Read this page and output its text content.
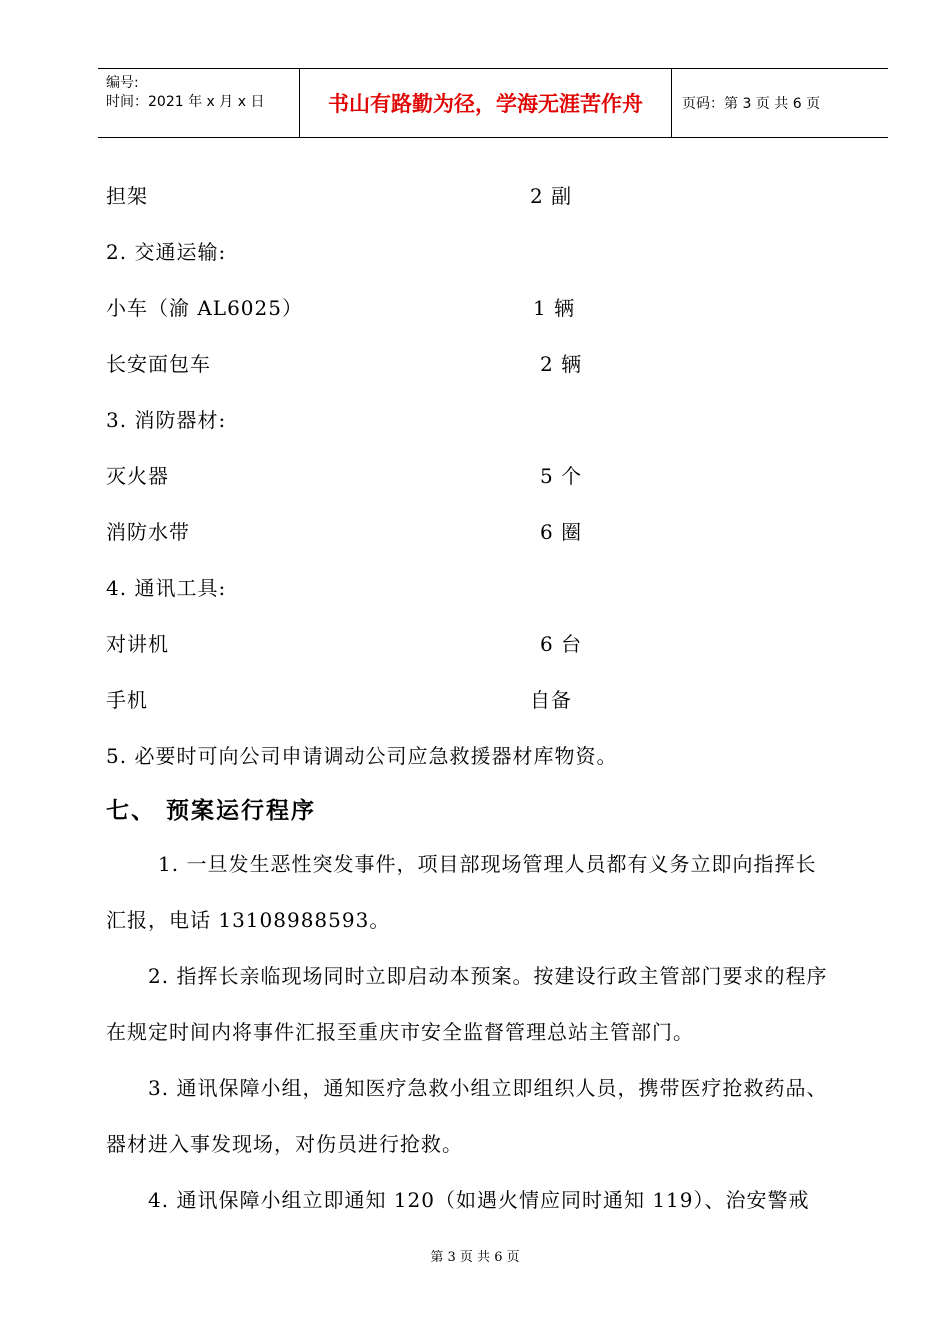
编号:
时间：2021 年 x 月 x 日	书山有路勤为径，学海无涯苦作舟	页码：第 3 页 共 6 页
担架	2 副
2. 交通运输:
小车（渝 AL6025）	1 辆
长安面包车	2 辆
3. 消防器材:
灭火器	5 个
消防水带	6 圈
4. 通讯工具:
对讲机	6 台
手机	自备
5. 必要时可向公司申请调动公司应急救援器材库物资。
七、 预案运行程序
1. 一旦发生恶性突发事件，项目部现场管理人员都有义务立即向指挥长汇报，电话 13108988593。
2. 指挥长亲临现场同时立即启动本预案。按建设行政主管部门要求的程序在规定时间内将事件汇报至重庆市安全监督管理总站主管部门。
3. 通讯保障小组，通知医疗急救小组立即组织人员，携带医疗抢救药品、器材进入事发现场，对伤员进行抢救。
4. 通讯保障小组立即通知 120（如遇火情应同时通知 119）、治安警戒
第 3 页 共 6 页
